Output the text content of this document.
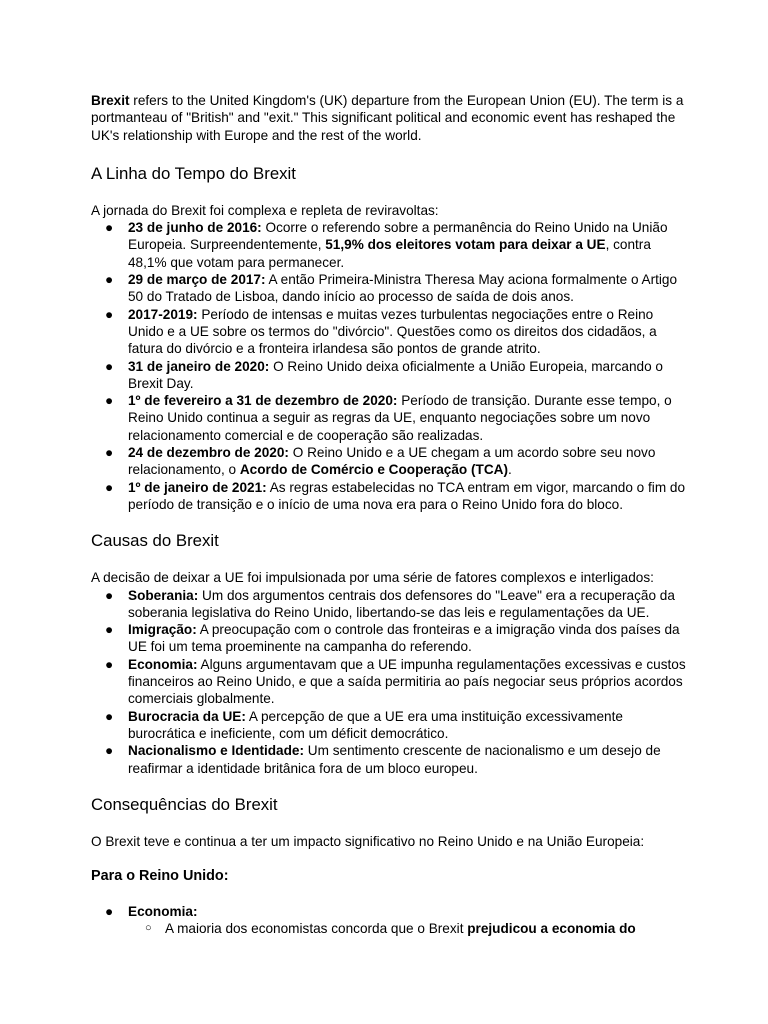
Brexit refers to the United Kingdom's (UK) departure from the European Union (EU). The term is a portmanteau of "British" and "exit." This significant political and economic event has reshaped the UK's relationship with Europe and the rest of the world.

A Linha do Tempo do Brexit

A jornada do Brexit foi complexa e repleta de reviravoltas:

● 23 de junho de 2016: Ocorre o referendo sobre a permanência do Reino Unido na União Europeia. Surpreendentemente, 51,9% dos eleitores votam para deixar a UE, contra 48,1% que votam para permanecer.
● 29 de março de 2017: A então Primeira-Ministra Theresa May aciona formalmente o Artigo 50 do Tratado de Lisboa, dando início ao processo de saída de dois anos.
● 2017-2019: Período de intensas e muitas vezes turbulentas negociações entre o Reino Unido e a UE sobre os termos do "divórcio". Questões como os direitos dos cidadãos, a fatura do divórcio e a fronteira irlandesa são pontos de grande atrito.
● 31 de janeiro de 2020: O Reino Unido deixa oficialmente a União Europeia, marcando o Brexit Day.
● 1º de fevereiro a 31 de dezembro de 2020: Período de transição. Durante esse tempo, o Reino Unido continua a seguir as regras da UE, enquanto negociações sobre um novo relacionamento comercial e de cooperação são realizadas.
● 24 de dezembro de 2020: O Reino Unido e a UE chegam a um acordo sobre seu novo relacionamento, o Acordo de Comércio e Cooperação (TCA).
● 1º de janeiro de 2021: As regras estabelecidas no TCA entram em vigor, marcando o fim do período de transição e o início de uma nova era para o Reino Unido fora do bloco.
Causas do Brexit

A decisão de deixar a UE foi impulsionada por uma série de fatores complexos e interligados:

● Soberania: Um dos argumentos centrais dos defensores do "Leave" era a recuperação da soberania legislativa do Reino Unido, libertando-se das leis e regulamentações da UE.
● Imigração: A preocupação com o controle das fronteiras e a imigração vinda dos países da UE foi um tema proeminente na campanha do referendo.
● Economia: Alguns argumentavam que a UE impunha regulamentações excessivas e custos financeiros ao Reino Unido, e que a saída permitiria ao país negociar seus próprios acordos comerciais globalmente.
● Burocracia da UE: A percepção de que a UE era uma instituição excessivamente burocrática e ineficiente, com um déficit democrático.
● Nacionalismo e Identidade: Um sentimento crescente de nacionalismo e um desejo de reafirmar a identidade britânica fora de um bloco europeu.
Consequências do Brexit

O Brexit teve e continua a ter um impacto significativo no Reino Unido e na União Europeia:

Para o Reino Unido:
● Economia:
○ A maioria dos economistas concorda que o Brexit prejudicou a economia do
